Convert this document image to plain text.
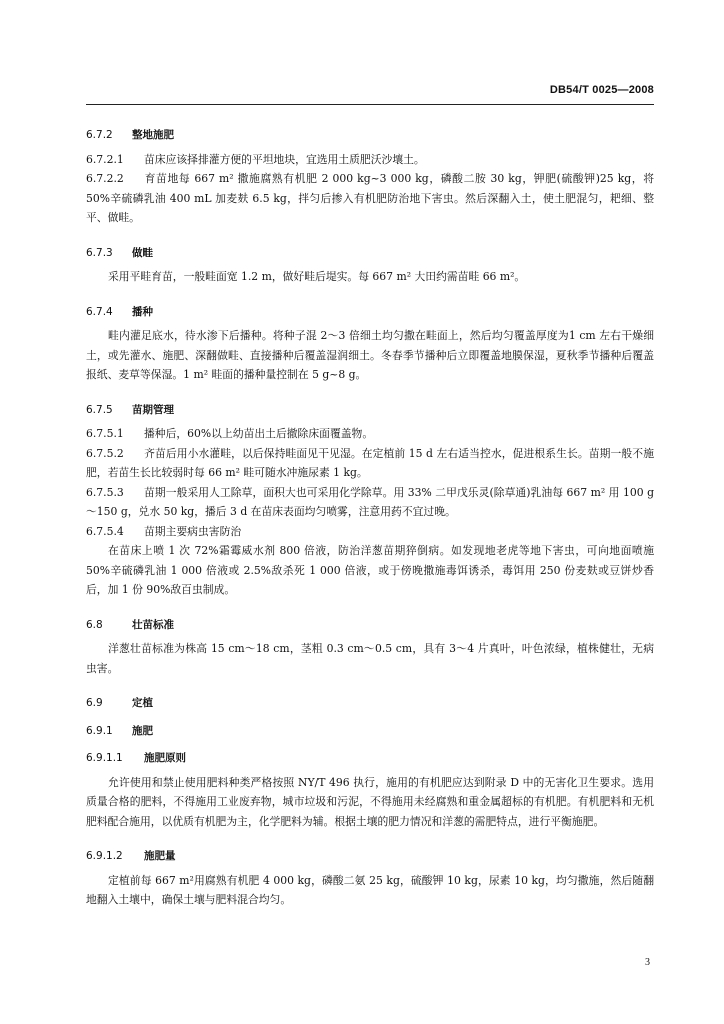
DB54/T 0025—2008
6.7.2 整地施肥

6.7.2.1 苗床应该择排灌方便的平坦地块，宜选用土质肥沃沙壤土。

6.7.2.2 育苗地每 667 m² 撒施腐熟有机肥 2 000 kg~3 000 kg，磷酸二胺 30 kg，钾肥(硫酸钾)25 kg，将 50%辛硫磷乳油 400 mL 加麦麸 6.5 kg，拌匀后掺入有机肥防治地下害虫。然后深翻入土，使土肥混匀，耙细、整平、做畦。

6.7.3 做畦

采用平畦育苗，一般畦面宽 1.2 m，做好畦后堤实。每 667 m² 大田约需苗畦 66 m²。

6.7.4 播种

畦内灌足底水，待水渗下后播种。将种子混 2～3 倍细土均匀撒在畦面上，然后均匀覆盖厚度为1 cm 左右干燥细土，或先灌水、施肥、深翻做畦、直接播种后覆盖湿润细土。冬春季节播种后立即覆盖地膜保湿，夏秋季节播种后覆盖报纸、麦草等保湿。1 m² 畦面的播种量控制在 5 g~8 g。

6.7.5 苗期管理

6.7.5.1 播种后，60%以上幼苗出土后撤除床面覆盖物。

6.7.5.2 齐苗后用小水灌畦，以后保持畦面见干见湿。在定植前 15 d 左右适当控水，促进根系生长。苗期一般不施肥，若苗生长比较弱时每 66 m² 畦可随水冲施尿素 1 kg。

6.7.5.3 苗期一般采用人工除草，面积大也可采用化学除草。用 33% 二甲戊乐灵(除草通)乳油每 667 m² 用 100 g～150 g，兑水 50 kg，播后 3 d 在苗床表面均匀喷雾，注意用药不宜过晚。

6.7.5.4 苗期主要病虫害防治

在苗床上喷 1 次 72%霜霉威水剂 800 倍液，防治洋葱苗期猝倒病。如发现地老虎等地下害虫，可向地面喷施 50%辛硫磷乳油 1 000 倍液或 2.5%敌杀死 1 000 倍液，或于傍晚撒施毒饵诱杀，毒饵用 250 份麦麸或豆饼炒香后，加 1 份 90%敌百虫制成。

6.8	壮苗标准

洋葱壮苗标准为株高 15 cm～18 cm，茎粗 0.3 cm～0.5 cm，具有 3～4 片真叶，叶色浓绿，植株健壮，无病虫害。

6.9	定植
6.9.1 施肥
6.9.1.1 施肥原则

允许使用和禁止使用肥料种类严格按照 NY/T 496 执行，施用的有机肥应达到附录 D 中的无害化卫生要求。选用质量合格的肥料，不得施用工业废弃物，城市垃圾和污泥，不得施用未经腐熟和重金属超标的有机肥。有机肥料和无机肥料配合施用，以优质有机肥为主，化学肥料为辅。根据土壤的肥力情况和洋葱的需肥特点，进行平衡施肥。

6.9.1.2 施肥量

定植前每 667 m²用腐熟有机肥 4 000 kg，磷酸二氨 25 kg，硫酸钾 10 kg，尿素 10 kg，均匀撒施，然后随翻地翻入土壤中，确保土壤与肥料混合均匀。

3
